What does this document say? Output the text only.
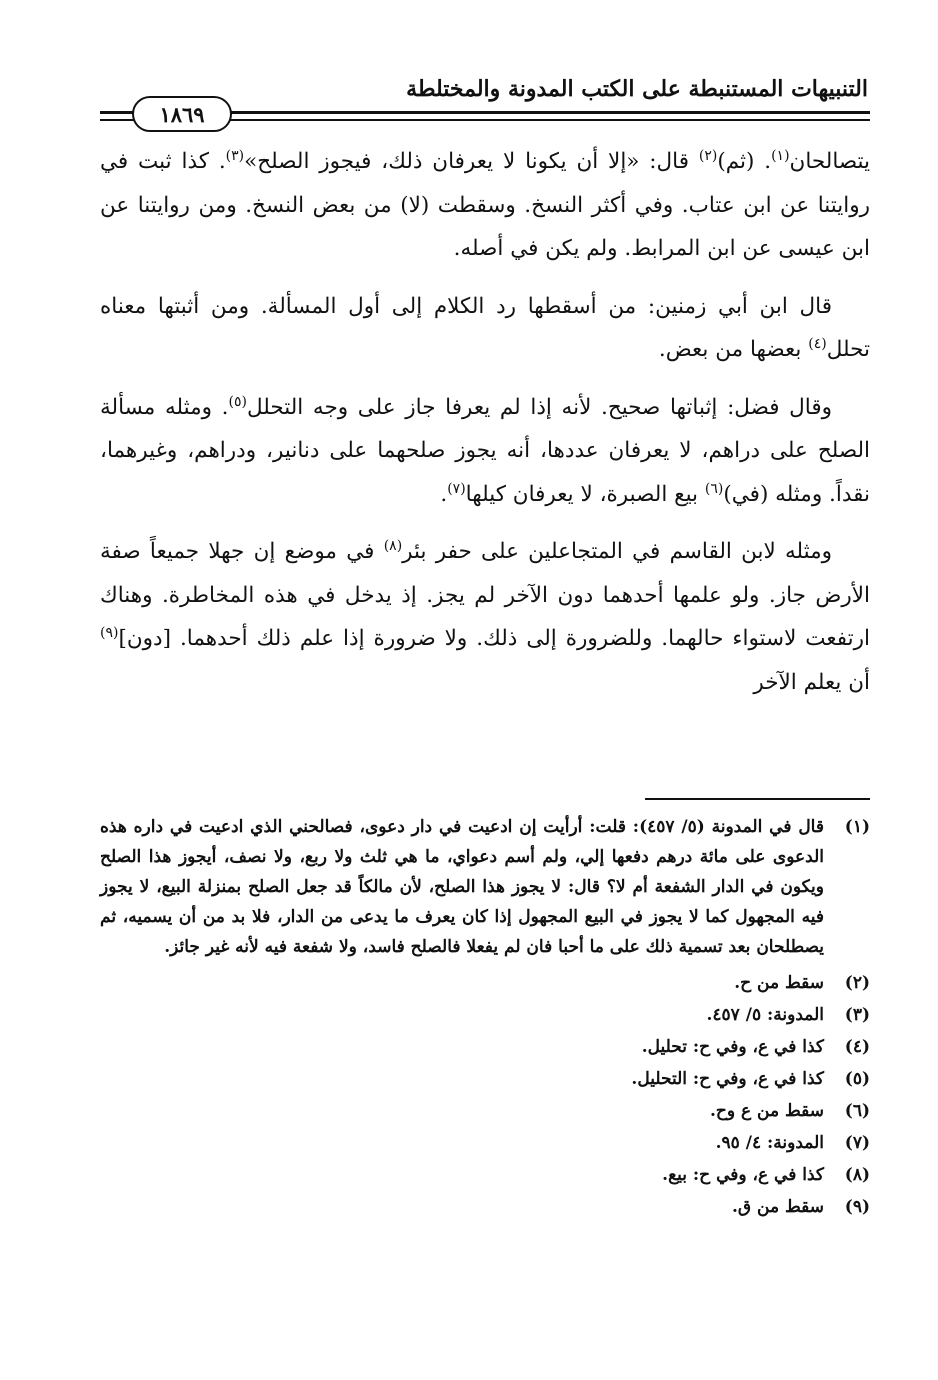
التنبيهات المستنبطة على الكتب المدونة والمختلطة
١٨٦٩

يتصالحان$^{(١)}$. (ثم)$^{(٢)}$ قال: «إلا أن يكونا لا يعرفان ذلك، فيجوز الصلح»$^{(٣)}$. كذا ثبت في روايتنا عن ابن عتاب. وفي أكثر النسخ. وسقطت (لا) من بعض النسخ. ومن روايتنا عن ابن عيسى عن ابن المرابط. ولم يكن في أصله.

قال ابن أبي زمنين: من أسقطها رد الكلام إلى أول المسألة. ومن أثبتها معناه تحلل$^{(٤)}$ بعضها من بعض.

وقال فضل: إثباتها صحيح. لأنه إذا لم يعرفا جاز على وجه التحلل$^{(٥)}$. ومثله مسألة الصلح على دراهم، لا يعرفان عددها، أنه يجوز صلحهما على دنانير، ودراهم، وغيرهما، نقداً. ومثله (في)$^{(٦)}$ بيع الصبرة، لا يعرفان كيلها$^{(٧)}$.

ومثله لابن القاسم في المتجاعلين على حفر بئر$^{(٨)}$ في موضع إن جهلا جميعاً صفة الأرض جاز. ولو علمها أحدهما دون الآخر لم يجز. إذ يدخل في هذه المخاطرة. وهناك ارتفعت لاستواء حالهما. وللضرورة إلى ذلك. ولا ضرورة إذا علم ذلك أحدهما. [دون]$^{(٩)}$ أن يعلم الآخر

(١)
قال في المدونة (٥/ ٤٥٧): قلت: أرأيت إن ادعيت في دار دعوى، فصالحني الذي ادعيت في داره هذه الدعوى على مائة درهم دفعها إلي، ولم أسم دعواي، ما هي ثلث ولا ربع، ولا نصف، أيجوز هذا الصلح ويكون في الدار الشفعة أم لا؟ قال: لا يجوز هذا الصلح، لأن مالكاً قد جعل الصلح بمنزلة البيع، لا يجوز فيه المجهول كما لا يجوز في البيع المجهول إذا كان يعرف ما يدعى من الدار، فلا بد من أن يسميه، ثم يصطلحان بعد تسمية ذلك على ما أحبا فان لم يفعلا فالصلح فاسد، ولا شفعة فيه لأنه غير جائز.
(٢)
سقط من ح.
(٣)
المدونة: ٥/ ٤٥٧.
(٤)
كذا في ع، وفي ح: تحليل.
(٥)
كذا في ع، وفي ح: التحليل.
(٦)
سقط من ع وح.
(٧)
المدونة: ٤/ ٩٥.
(٨)
كذا في ع، وفي ح: بيع.
(٩)
سقط من ق.
